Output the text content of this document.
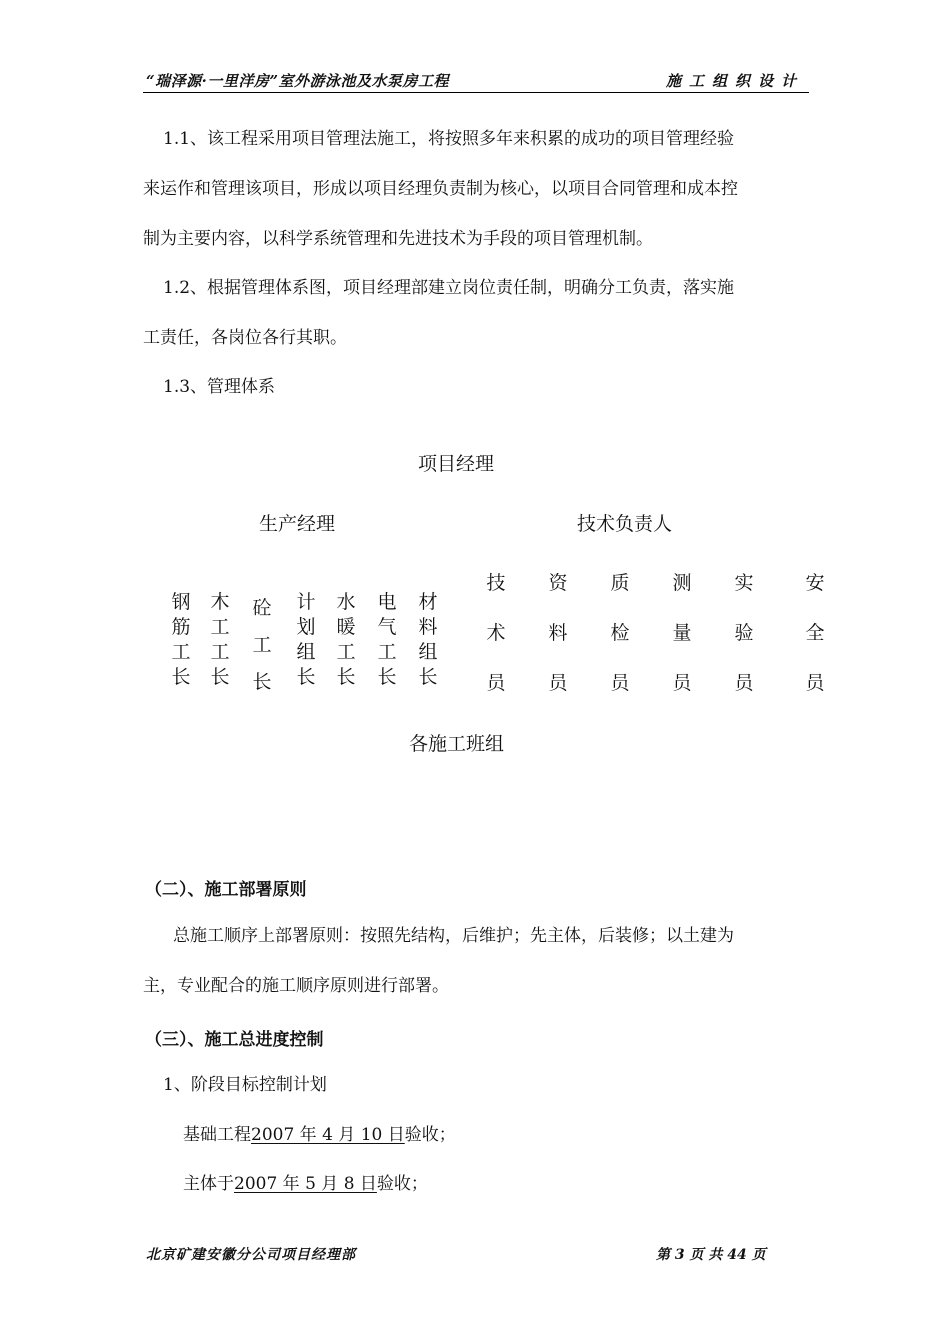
“瑞泽源·一里洋房”室外游泳池及水泵房工程	施工组织设计
1.1、该工程采用项目管理法施工，将按照多年来积累的成功的项目管理经验
来运作和管理该项目，形成以项目经理负责制为核心，以项目合同管理和成本控
制为主要内容，以科学系统管理和先进技术为手段的项目管理机制。
1.2、根据管理体系图，项目经理部建立岗位责任制，明确分工负责，落实施
工责任，各岗位各行其职。
1.3、管理体系
项目经理
生产经理	技术负责人
钢筋工长
木工工长
砼工长
计划组长
水暖工长
电气工长
材料组长
技术员
资料员
质检员
测量员
实验员
安全员
各施工班组
（二）、施工部署原则
总施工顺序上部署原则：按照先结构，后维护；先主体，后装修；以土建为
主，专业配合的施工顺序原则进行部署。
（三）、施工总进度控制
1、阶段目标控制计划
基础工程2007 年 4 月 10 日验收；
主体于2007 年 5 月 8 日验收；
北京矿建安徽分公司项目经理部	第 3 页 共 44 页
